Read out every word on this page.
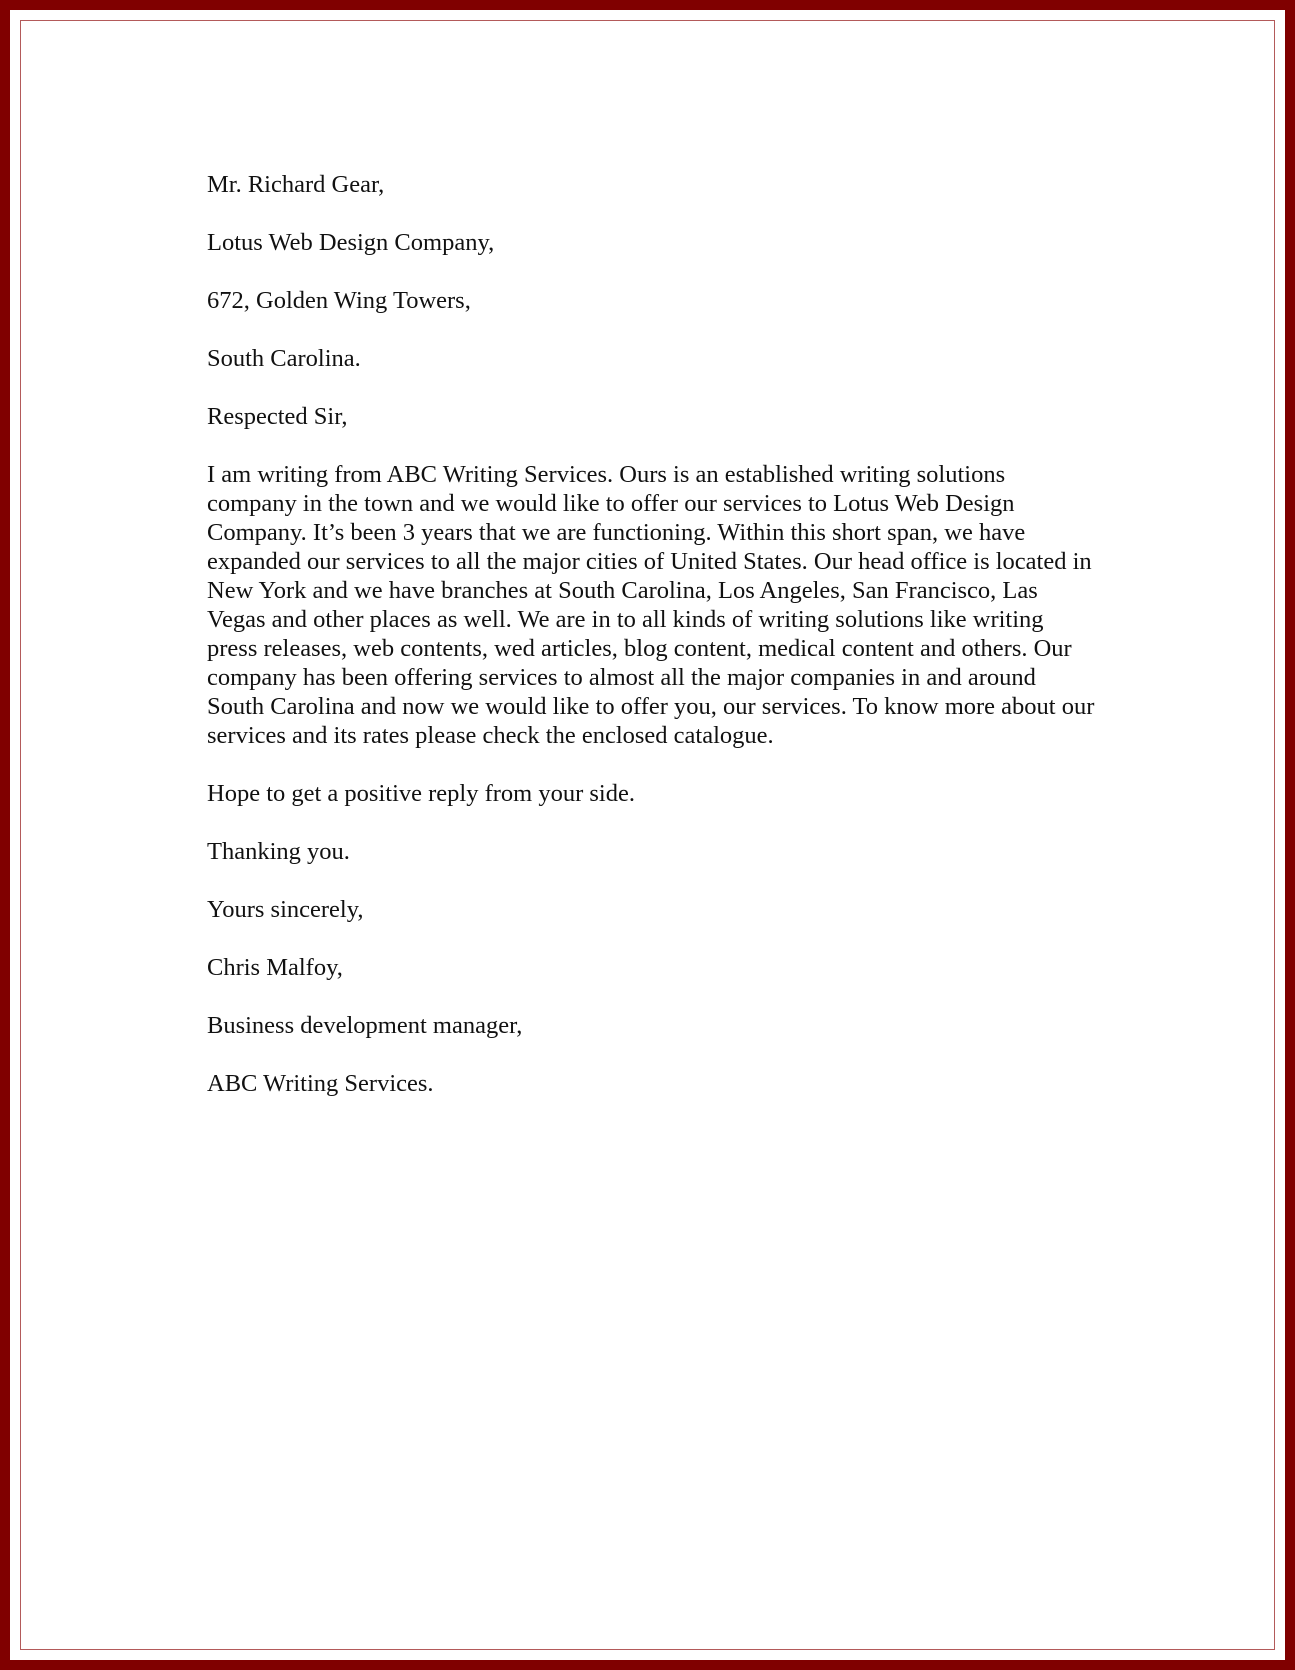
Mr. Richard Gear,

Lotus Web Design Company,

672, Golden Wing Towers,

South Carolina.

Respected Sir,

I am writing from ABC Writing Services. Ours is an established writing solutions company in the town and we would like to offer our services to Lotus Web Design Company. It’s been 3 years that we are functioning. Within this short span, we have expanded our services to all the major cities of United States. Our head office is located in New York and we have branches at South Carolina, Los Angeles, San Francisco, Las Vegas and other places as well. We are in to all kinds of writing solutions like writing press releases, web contents, wed articles, blog content, medical content and others. Our company has been offering services to almost all the major companies in and around South Carolina and now we would like to offer you, our services. To know more about our services and its rates please check the enclosed catalogue.

Hope to get a positive reply from your side.

Thanking you.

Yours sincerely,

Chris Malfoy,

Business development manager,

ABC Writing Services.
